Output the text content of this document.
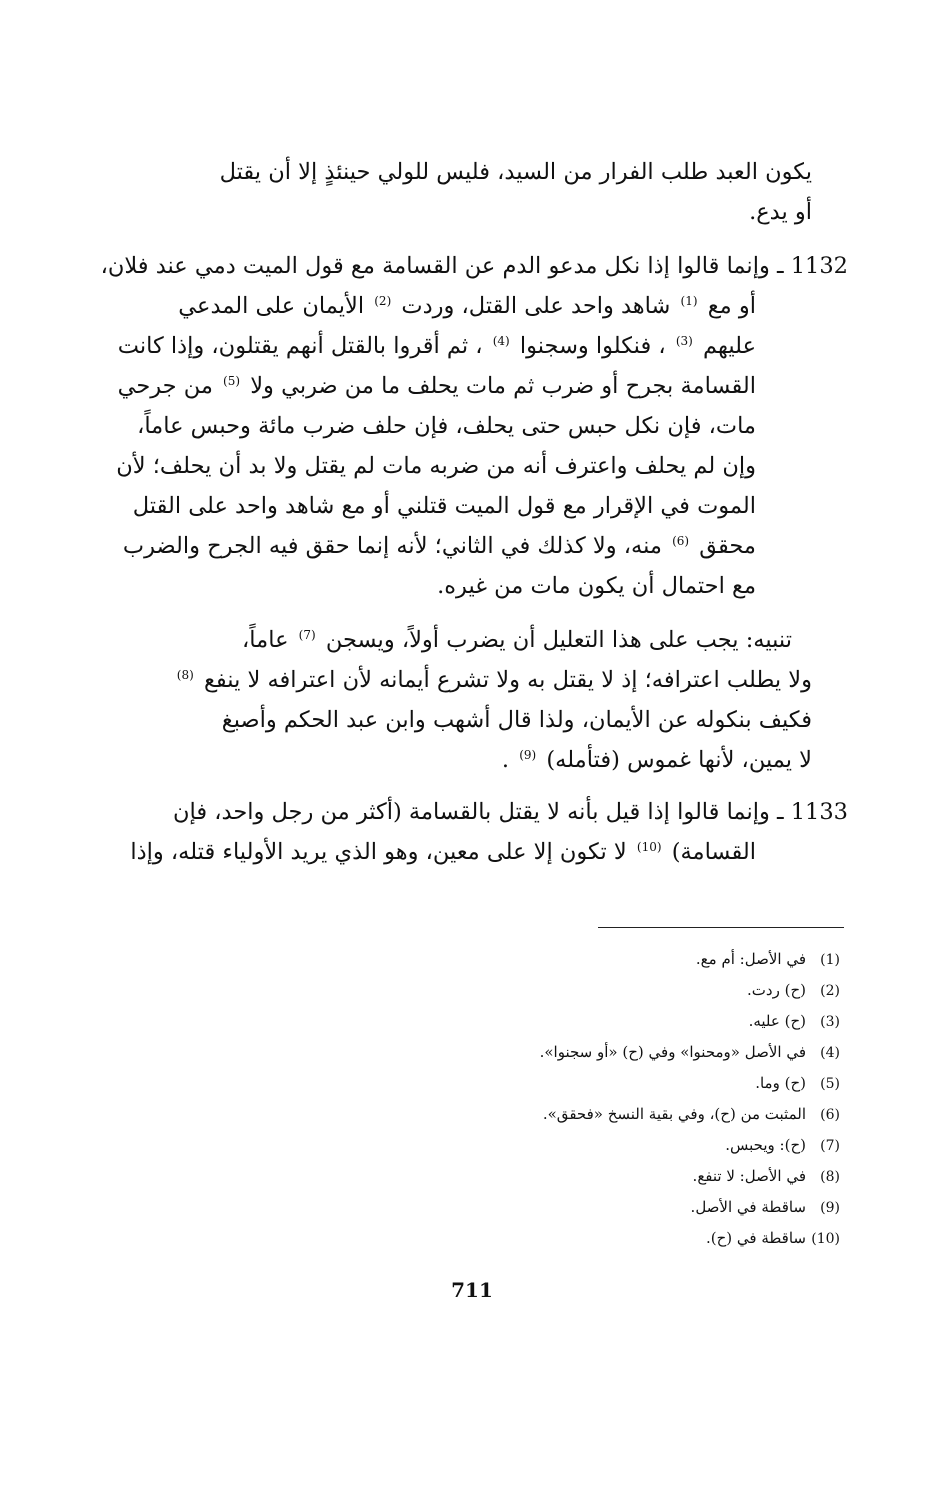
يكون العبد طلب الفرار من السيد، فليس للولي حينئذٍ إلا أن يقتل
أو يدع.
1132 ـ وإنما قالوا إذا نكل مدعو الدم عن القسامة مع قول الميت دمي عند فلان،
أو مع $^{(1)}$ شاهد واحد على القتل، وردت $^{(2)}$ الأيمان على المدعي
عليهم $^{(3)}$ ، فنكلوا وسجنوا $^{(4)}$ ، ثم أقروا بالقتل أنهم يقتلون، وإذا كانت
القسامة بجرح أو ضرب ثم مات يحلف ما من ضربي ولا $^{(5)}$ من جرحي
مات، فإن نكل حبس حتى يحلف، فإن حلف ضرب مائة وحبس عاماً،
وإن لم يحلف واعترف أنه من ضربه مات لم يقتل ولا بد أن يحلف؛ لأن
الموت في الإقرار مع قول الميت قتلني أو مع شاهد واحد على القتل
محقق $^{(6)}$ منه، ولا كذلك في الثاني؛ لأنه إنما حقق فيه الجرح والضرب
مع احتمال أن يكون مات من غيره.
تنبيه: يجب على هذا التعليل أن يضرب أولاً، ويسجن $^{(7)}$ عاماً،
ولا يطلب اعترافه؛ إذ لا يقتل به ولا تشرع أيمانه لأن اعترافه لا ينفع $^{(8)}$
فكيف بنكوله عن الأيمان، ولذا قال أشهب وابن عبد الحكم وأصبغ
لا يمين، لأنها غموس (فتأمله) $^{(9)}$ .
1133 ـ وإنما قالوا إذا قيل بأنه لا يقتل بالقسامة (أكثر من رجل واحد، فإن
القسامة) $^{(10)}$ لا تكون إلا على معين، وهو الذي يريد الأولياء قتله، وإذا
(1)في الأصل: أم مع.
(2)(ح) ردت.
(3)(ح) عليه.
(4)في الأصل «ومحنوا» وفي (ح) «أو سجنوا».
(5)(ح) وما.
(6)المثبت من (ح)، وفي بقية النسخ «فحقق».
(7)(ح): ويحبس.
(8)في الأصل: لا تنفع.
(9)ساقطة في الأصل.
(10)ساقطة في (ح).
711
